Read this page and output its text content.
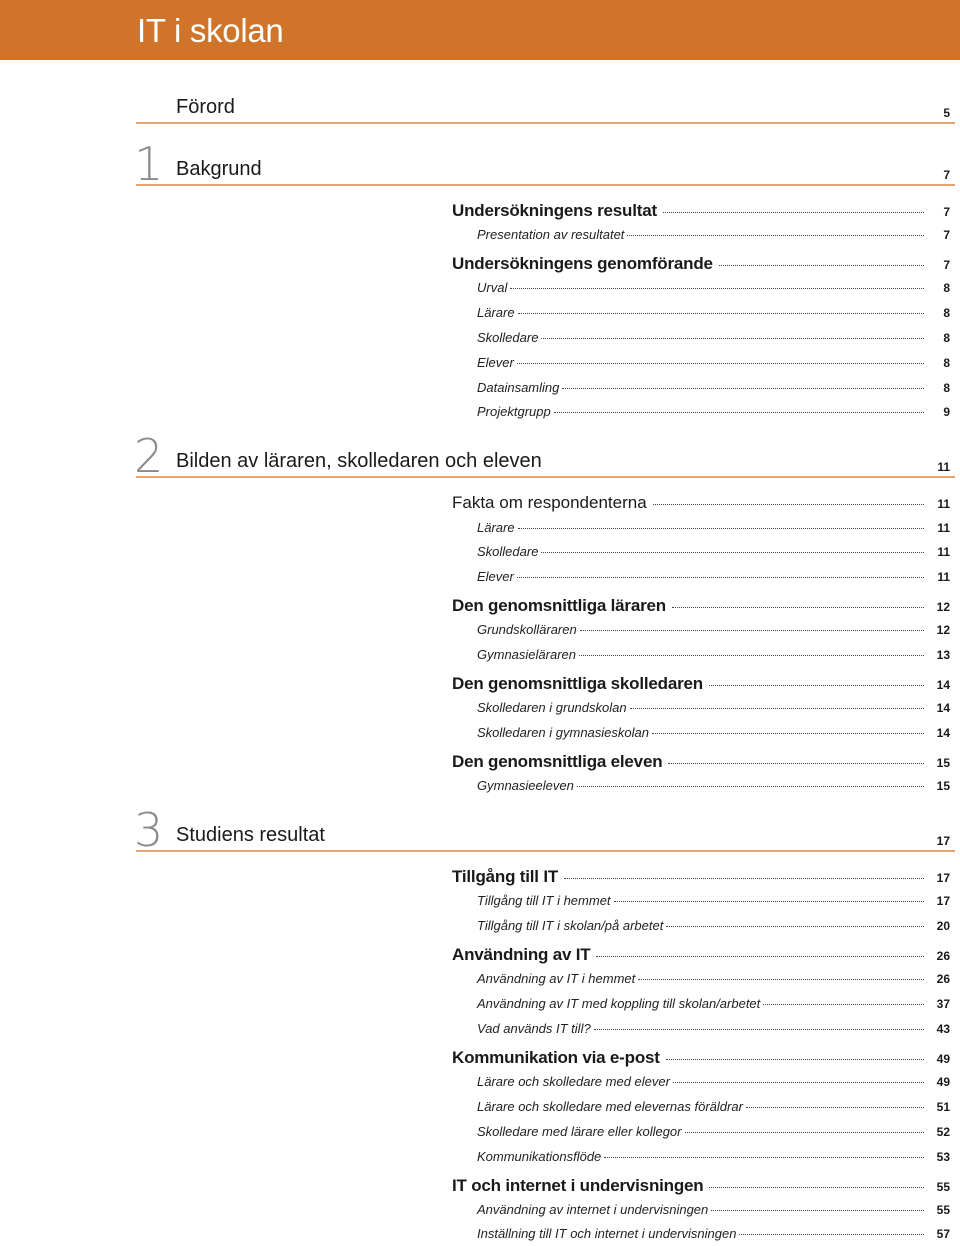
IT i skolan
Förord	5
1 Bakgrund	7
Undersökningens resultat	7
Presentation av resultatet	7
Undersökningens genomförande	7
Urval	8
Lärare	8
Skolledare	8
Elever	8
Datainsamling	8
Projektgrupp	9
2 Bilden av läraren, skolledaren och eleven	11
Fakta om respondenterna	11
Lärare	11
Skolledare	11
Elever	11
Den genomsnittliga läraren	12
Grundskolläraren	12
Gymnasieläraren	13
Den genomsnittliga skolledaren	14
Skolledaren i grundskolan	14
Skolledaren i gymnasieskolan	14
Den genomsnittliga eleven	15
Gymnasieeleven	15
3 Studiens resultat	17
Tillgång till IT	17
Tillgång till IT i hemmet	17
Tillgång till IT i skolan/på arbetet	20
Användning av IT	26
Användning av IT i hemmet	26
Användning av IT med koppling till skolan/arbetet	37
Vad används IT till?	43
Kommunikation via e-post	49
Lärare och skolledare med elever	49
Lärare och skolledare med elevernas föräldrar	51
Skolledare med lärare eller kollegor	52
Kommunikationsflöde	53
IT och internet i undervisningen	55
Användning av internet i undervisningen	55
Inställning till IT och internet i undervisningen	57
